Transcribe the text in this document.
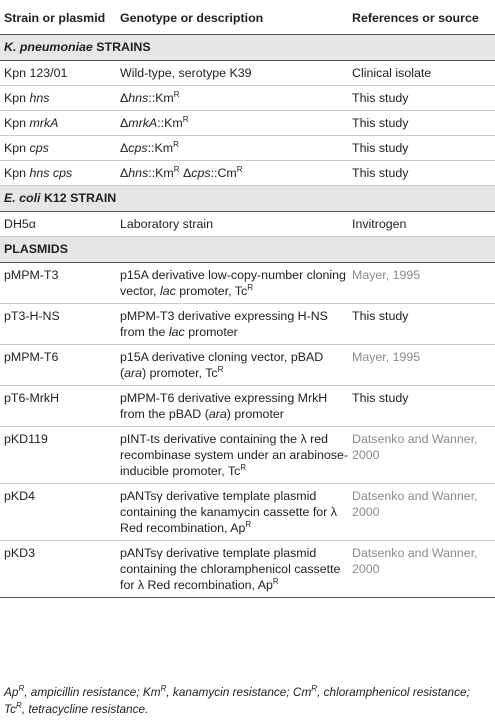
Strain or plasmid	Genotype or description	References or source
K. pneumoniae STRAINS		
Kpn 123/01	Wild-type, serotype K39	Clinical isolate
Kpn hns	$\Delta hns::Km^R$	This study
Kpn mrkA	$\Delta mrkA::Km^R$	This study
Kpn cps	$\Delta cps::Km^R$	This study
Kpn hns cps	$\Delta hns::Km^R$ $\Delta cps::Cm^R$	This study
E. coli K12 STRAIN		
DH5α	Laboratory strain	Invitrogen
PLASMIDS		
pMPM-T3	p15A derivative low-copy-number cloning vector, lac promoter, $Tc^R$	Mayer, 1995
pT3-H-NS	pMPM-T3 derivative expressing H-NS from the lac promoter	This study
pMPM-T6	p15A derivative cloning vector, pBAD (ara) promoter, $Tc^R$	Mayer, 1995
pT6-MrkH	pMPM-T6 derivative expressing MrkH from the pBAD (ara) promoter	This study
pKD119	pINT-ts derivative containing the λ red recombinase system under an arabinose-inducible promoter, $Tc^R$	Datsenko and Wanner, 2000
pKD4	pANTsγ derivative template plasmid containing the kanamycin cassette for λ Red recombination, $Ap^R$	Datsenko and Wanner, 2000
pKD3	pANTsγ derivative template plasmid containing the chloramphenicol cassette for λ Red recombination, $Ap^R$	Datsenko and Wanner, 2000
$Ap^R$, ampicillin resistance; $Km^R$, kanamycin resistance; $Cm^R$, chloramphenicol resistance;
$Tc^R$, tetracycline resistance.
